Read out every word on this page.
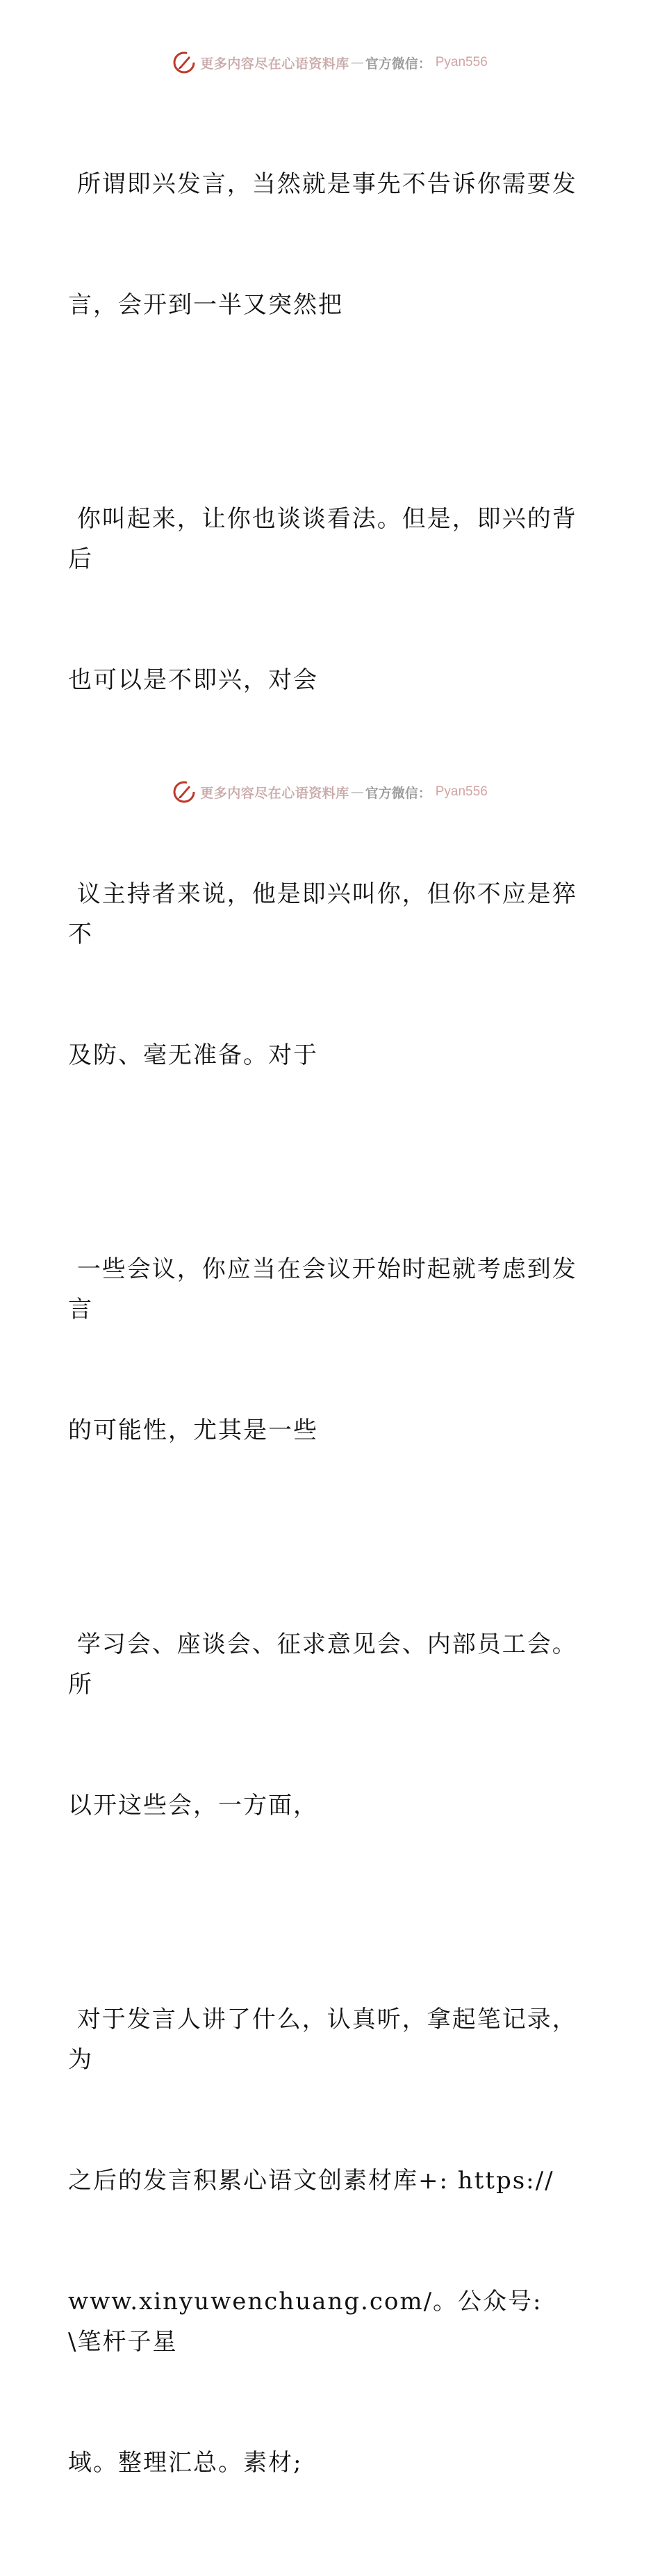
更多内容尽在心语资料库 — 官方微信： Pyan556

所谓即兴发言，当然就是事先不告诉你需要发

言，会开到一半又突然把

你叫起来，让你也谈谈看法。但是，即兴的背后

也可以是不即兴，对会

议主持者来说，他是即兴叫你，但你不应是猝不

及防、毫无准备。对于

一些会议，你应当在会议开始时起就考虑到发言

的可能性，尤其是一些

学习会、座谈会、征求意见会、内部员工会。所

以开这些会，一方面，

对于发言人讲了什么，认真听，拿起笔记录，为

之后的发言积累心语文创素材库+: https://

www.xinyuwenchuang.com/。公众号: \笔杆子星

域。整理汇总。素材;

更多内容尽在心语资料库 — 官方微信： Pyan556
